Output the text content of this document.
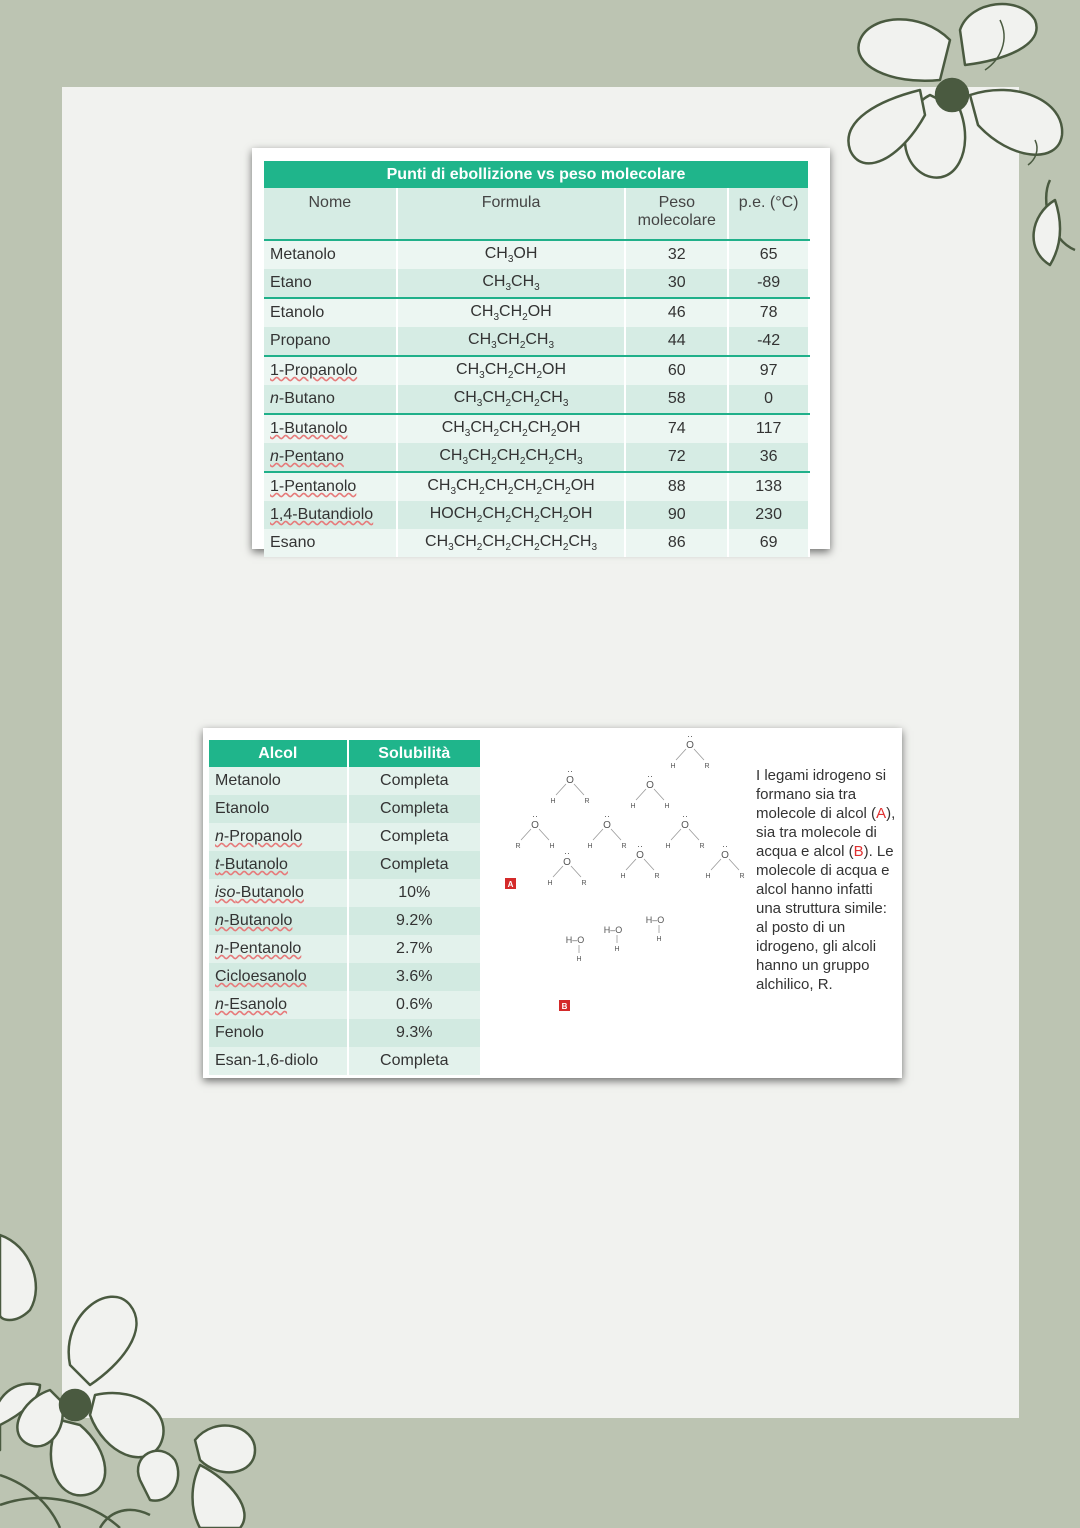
Punti di ebollizione vs peso molecolare			
Nome	Formula	Peso molecolare	p.e. (°C)
Metanolo	$CH_3OH$	32	65
Etano	$CH_3CH_3$	30	-89
Etanolo	$CH_3CH_2OH$	46	78
Propano	$CH_3CH_2CH_3$	44	-42
1-Propanolo	$CH_3CH_2CH_2OH$	60	97
n-Butano	$CH_3CH_2CH_2CH_3$	58	0
1-Butanolo	$CH_3CH_2CH_2CH_2OH$	74	117
n-Pentano	$CH_3CH_2CH_2CH_2CH_3$	72	36
1-Pentanolo	$CH_3CH_2CH_2CH_2CH_2OH$	88	138
1,4-Butandiolo	$HOCH_2CH_2CH_2CH_2OH$	90	230
Esano	$CH_3CH_2CH_2CH_2CH_2CH_3$	86	69
Alcol	Solubilità
Metanolo	Completa
Etanolo	Completa
n-Propanolo	Completa
t-Butanolo	Completa
iso-Butanolo	10%
n-Butanolo	9.2%
n-Pentanolo	2.7%
Cicloesanolo	3.6%
n-Esanolo	0.6%
Fenolo	9.3%
Esan-1,6-diolo	Completa
O
··
H	R
O
··
H	H
O
··
H	R
O
··
H	R
O
··
R	H
O
··
H	R
O
··
H	R
O
··
H	R
O
··
H	R
A
H–O
H
H–O
H
H–O
H
B
I legami idrogeno si formano sia tra molecole di alcol (A), sia tra molecole di acqua e alcol (B). Le molecole di acqua e alcol hanno infatti una struttura simile: al posto di un idrogeno, gli alcoli hanno un gruppo alchilico, R.
